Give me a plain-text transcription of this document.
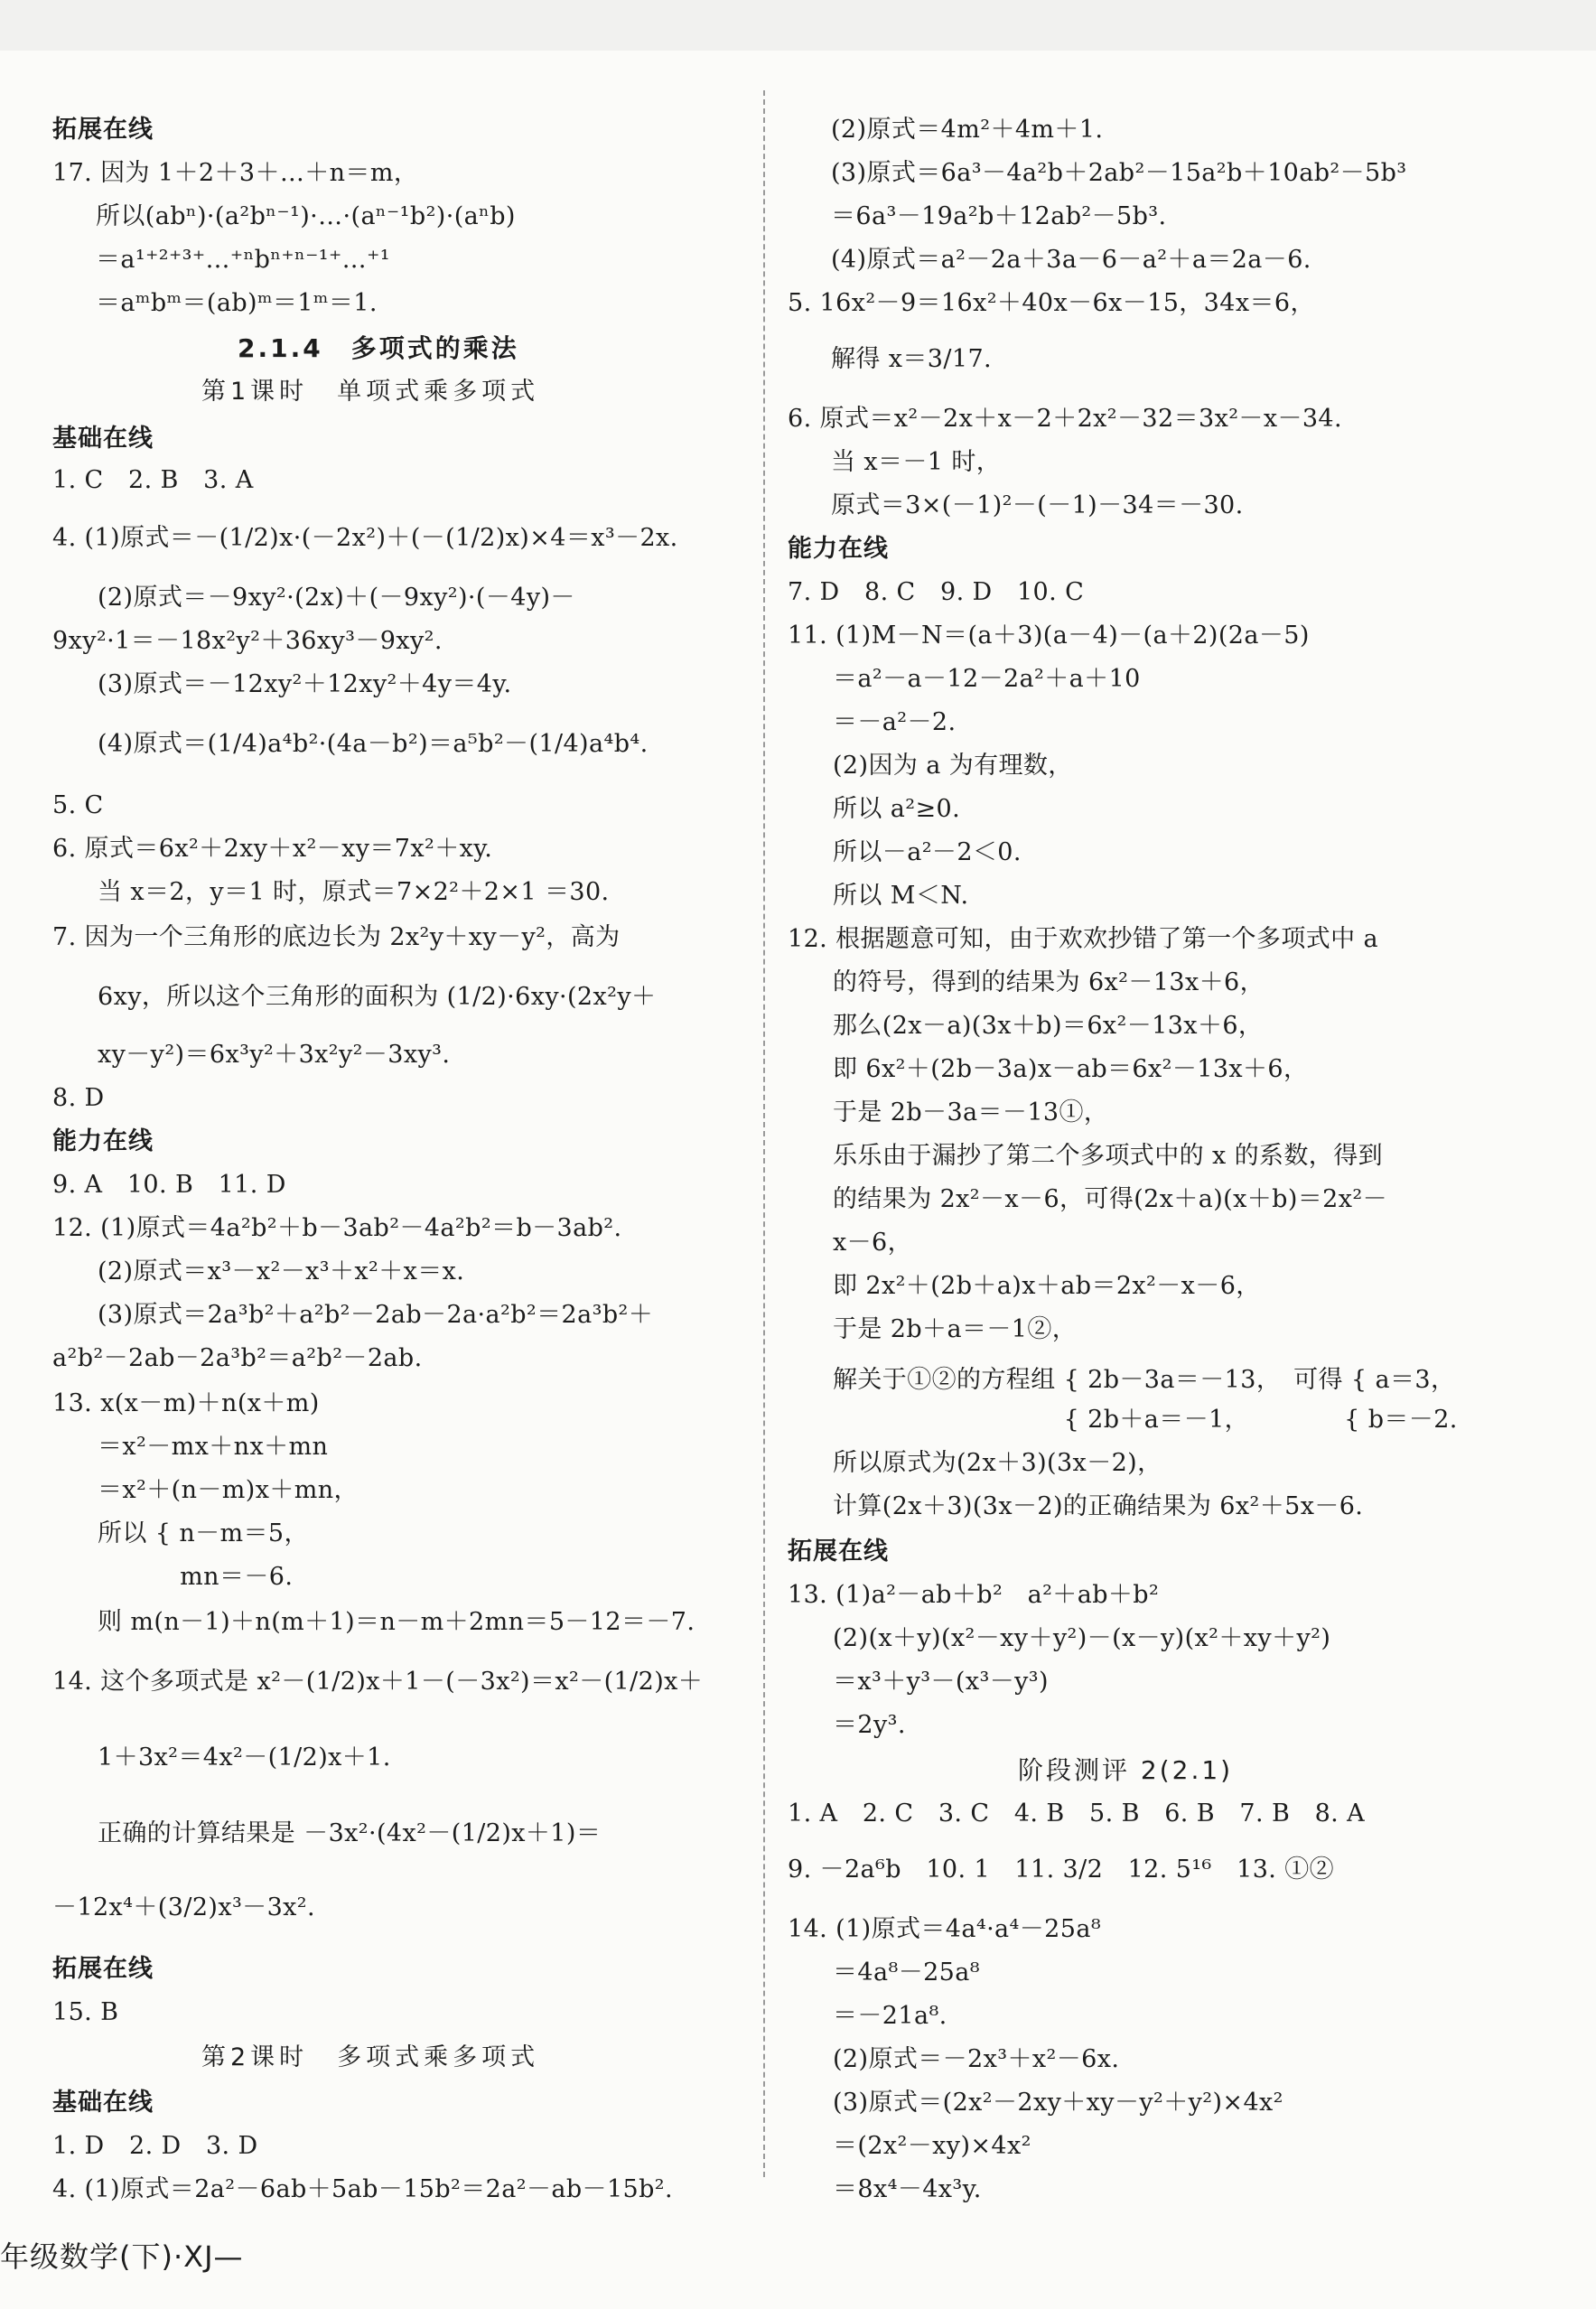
拓展在线
17. 因为 1＋2＋3＋…＋n＝m，
所以(abⁿ)·(a²bⁿ⁻¹)·…·(aⁿ⁻¹b²)·(aⁿb)
＝a¹⁺²⁺³⁺…⁺ⁿbⁿ⁺ⁿ⁻¹⁺…⁺¹
＝aᵐbᵐ＝(ab)ᵐ＝1ᵐ＝1.
2.1.4　多项式的乘法
第1课时　单项式乘多项式
基础在线
1. C　2. B　3. A
4. (1)原式＝－(1/2)x·(－2x²)＋(－(1/2)x)×4＝x³－2x.
(2)原式＝－9xy²·(2x)＋(－9xy²)·(－4y)－
9xy²·1＝－18x²y²＋36xy³－9xy².
(3)原式＝－12xy²＋12xy²＋4y＝4y.
(4)原式＝(1/4)a⁴b²·(4a－b²)＝a⁵b²－(1/4)a⁴b⁴.
5. C
6. 原式＝6x²＋2xy＋x²－xy＝7x²＋xy.
当 x＝2，y＝1 时，原式＝7×2²＋2×1 ＝30.
7. 因为一个三角形的底边长为 2x²y＋xy－y²，高为
6xy，所以这个三角形的面积为 (1/2)·6xy·(2x²y＋
xy－y²)＝6x³y²＋3x²y²－3xy³.
8. D
能力在线
9. A　10. B　11. D
12. (1)原式＝4a²b²＋b－3ab²－4a²b²＝b－3ab².
(2)原式＝x³－x²－x³＋x²＋x＝x.
(3)原式＝2a³b²＋a²b²－2ab－2a·a²b²＝2a³b²＋
a²b²－2ab－2a³b²＝a²b²－2ab.
13. x(x－m)＋n(x＋m)
＝x²－mx＋nx＋mn
＝x²＋(n－m)x＋mn，
所以 { n－m＝5，
　　　 mn＝－6.
则 m(n－1)＋n(m＋1)＝n－m＋2mn＝5－12＝－7.
14. 这个多项式是 x²－(1/2)x＋1－(－3x²)＝x²－(1/2)x＋
1＋3x²＝4x²－(1/2)x＋1.
正确的计算结果是 －3x²·(4x²－(1/2)x＋1)＝
－12x⁴＋(3/2)x³－3x².
拓展在线
15. B
第2课时　多项式乘多项式
基础在线
1. D　2. D　3. D
4. (1)原式＝2a²－6ab＋5ab－15b²＝2a²－ab－15b².
(2)原式＝4m²＋4m＋1.
(3)原式＝6a³－4a²b＋2ab²－15a²b＋10ab²－5b³
＝6a³－19a²b＋12ab²－5b³.
(4)原式＝a²－2a＋3a－6－a²＋a＝2a－6.
5. 16x²－9＝16x²＋40x－6x－15，34x＝6，
解得 x＝3/17.
6. 原式＝x²－2x＋x－2＋2x²－32＝3x²－x－34.
当 x＝－1 时，
原式＝3×(－1)²－(－1)－34＝－30.
能力在线
7. D　8. C　9. D　10. C
11. (1)M－N＝(a＋3)(a－4)－(a＋2)(2a－5)
＝a²－a－12－2a²＋a＋10
＝－a²－2.
(2)因为 a 为有理数，
所以 a²≥0.
所以－a²－2＜0.
所以 M＜N.
12. 根据题意可知，由于欢欢抄错了第一个多项式中 a
的符号，得到的结果为 6x²－13x＋6，
那么(2x－a)(3x＋b)＝6x²－13x＋6，
即 6x²＋(2b－3a)x－ab＝6x²－13x＋6，
于是 2b－3a＝－13①，
乐乐由于漏抄了第二个多项式中的 x 的系数，得到
的结果为 2x²－x－6，可得(2x＋a)(x＋b)＝2x²－
x－6，
即 2x²＋(2b＋a)x＋ab＝2x²－x－6，
于是 2b＋a＝－1②，
解关于①②的方程组 { 2b－3a＝－13，　可得 { a＝3，
　　　　　　　　　 { 2b＋a＝－1，　　　　 { b＝－2.
所以原式为(2x＋3)(3x－2)，
计算(2x＋3)(3x－2)的正确结果为 6x²＋5x－6.
拓展在线
13. (1)a²－ab＋b²　a²＋ab＋b²
(2)(x＋y)(x²－xy＋y²)－(x－y)(x²＋xy＋y²)
＝x³＋y³－(x³－y³)
＝2y³.
阶段测评 2(2.1)
1. A　2. C　3. C　4. B　5. B　6. B　7. B　8. A
9. －2a⁶b　10. 1　11. 3/2　12. 5¹⁶　13. ①②
14. (1)原式＝4a⁴·a⁴－25a⁸
＝4a⁸－25a⁸
＝－21a⁸.
(2)原式＝－2x³＋x²－6x.
(3)原式＝(2x²－2xy＋xy－y²＋y²)×4x²
＝(2x²－xy)×4x²
＝8x⁴－4x³y.
年级数学(下)·XJ—
